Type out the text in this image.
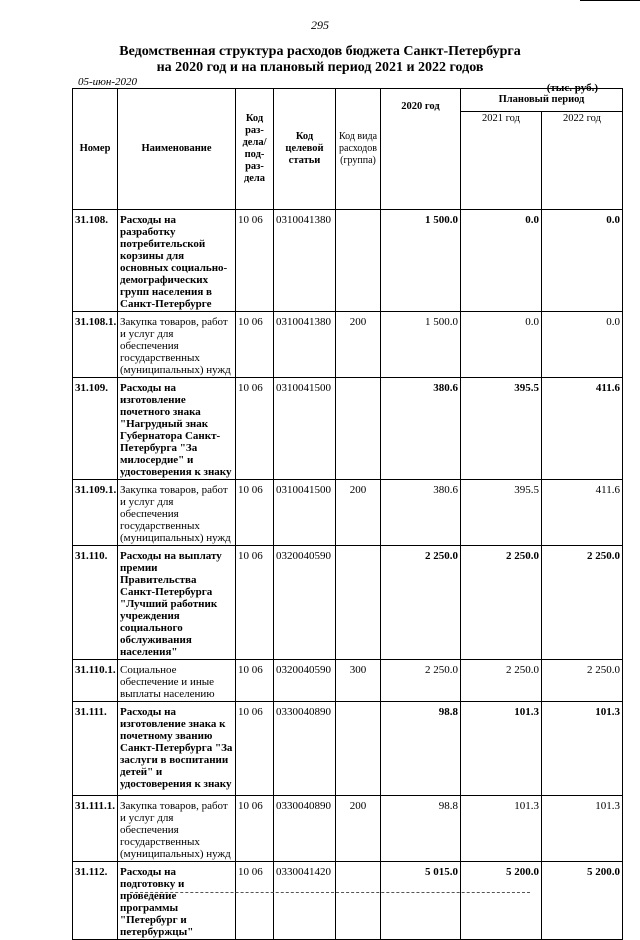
295
Ведомственная структура расходов бюджета Санкт-Петербурга
на 2020 год и на плановый период 2021 и 2022 годов
05-июн-2020	(тыс. руб.)
Номер	Наименование	Код раз-дела/ под-раз-дела	Код целевой статьи	Код вида расходов (группа)	2020 год	Плановый период	
						2021 год	2022 год
31.108.	Расходы на разработку потребительской корзины для основных социально-демографических групп населения в Санкт-Петербурге	10 06	0310041380		1 500.0	0.0	0.0
31.108.1.	Закупка товаров, работ и услуг для обеспечения государственных (муниципальных) нужд	10 06	0310041380	200	1 500.0	0.0	0.0
31.109.	Расходы на изготовление почетного знака "Нагрудный знак Губернатора Санкт-Петербурга "За милосердие" и удостоверения к знаку	10 06	0310041500		380.6	395.5	411.6
31.109.1.	Закупка товаров, работ и услуг для обеспечения государственных (муниципальных) нужд	10 06	0310041500	200	380.6	395.5	411.6
31.110.	Расходы на выплату премии Правительства Санкт-Петербурга "Лучший работник учреждения социального обслуживания населения"	10 06	0320040590		2 250.0	2 250.0	2 250.0
31.110.1.	Социальное обеспечение и иные выплаты населению	10 06	0320040590	300	2 250.0	2 250.0	2 250.0
31.111.	Расходы на изготовление знака к почетному званию Санкт-Петербурга "За заслуги в воспитании детей" и удостоверения к знаку	10 06	0330040890		98.8	101.3	101.3
31.111.1.	Закупка товаров, работ и услуг для обеспечения государственных (муниципальных) нужд	10 06	0330040890	200	98.8	101.3	101.3
31.112.	Расходы на подготовку и проведение программы "Петербург и петербуржцы"	10 06	0330041420		5 015.0	5 200.0	5 200.0
